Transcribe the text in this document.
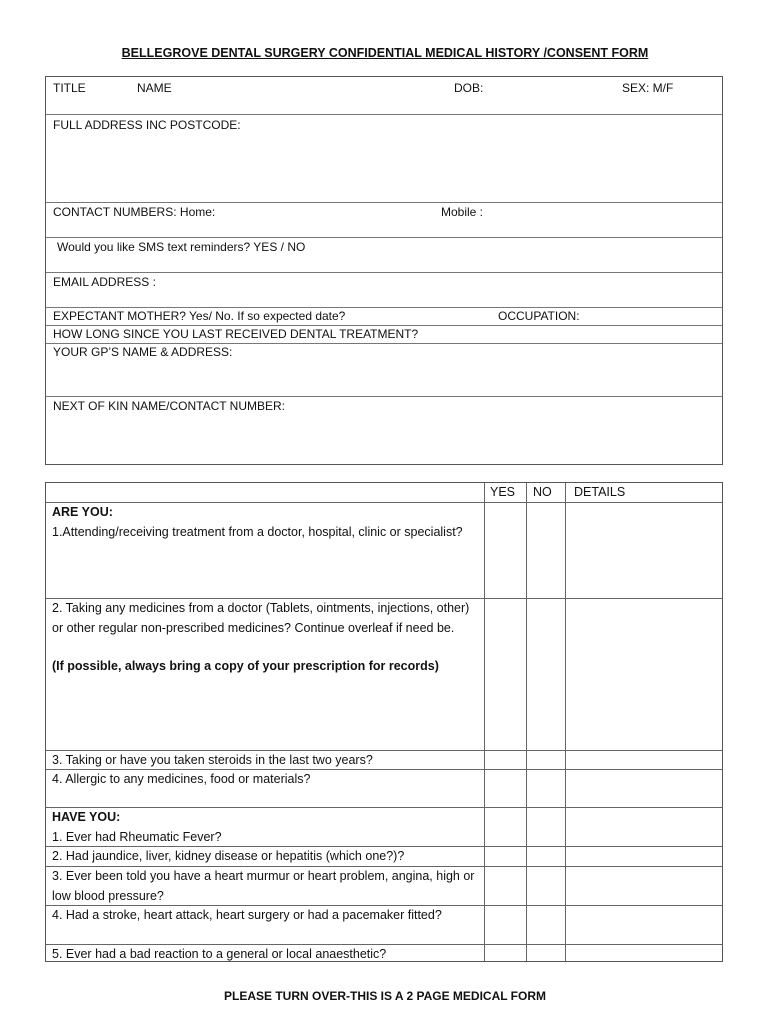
BELLEGROVE DENTAL SURGERY CONFIDENTIAL MEDICAL HISTORY /CONSENT FORM
TITLE	NAME	DOB:	SEX: M/F
FULL ADDRESS INC POSTCODE:
CONTACT NUMBERS: Home:	Mobile :
Would you like SMS text reminders? YES / NO
EMAIL ADDRESS :
EXPECTANT MOTHER? Yes/ No. If so expected date?	OCCUPATION:
HOW LONG SINCE YOU LAST RECEIVED DENTAL TREATMENT?
YOUR GP’S NAME & ADDRESS:
NEXT OF KIN NAME/CONTACT NUMBER:
YES NO DETAILS
ARE YOU:
1.Attending/receiving treatment from a doctor, hospital, clinic or specialist?
2. Taking any medicines from a doctor (Tablets, ointments, injections, other) or other regular non-prescribed medicines? Continue overleaf if need be.
(If possible, always bring a copy of your prescription for records)
3. Taking or have you taken steroids in the last two years?
4. Allergic to any medicines, food or materials?
HAVE YOU:
1. Ever had Rheumatic Fever?
2. Had jaundice, liver, kidney disease or hepatitis (which one?)?
3. Ever been told you have a heart murmur or heart problem, angina, high or low blood pressure?
4. Had a stroke, heart attack, heart surgery or had a pacemaker fitted?
5. Ever had a bad reaction to a general or local anaesthetic?
PLEASE TURN OVER-THIS IS A 2 PAGE MEDICAL FORM
